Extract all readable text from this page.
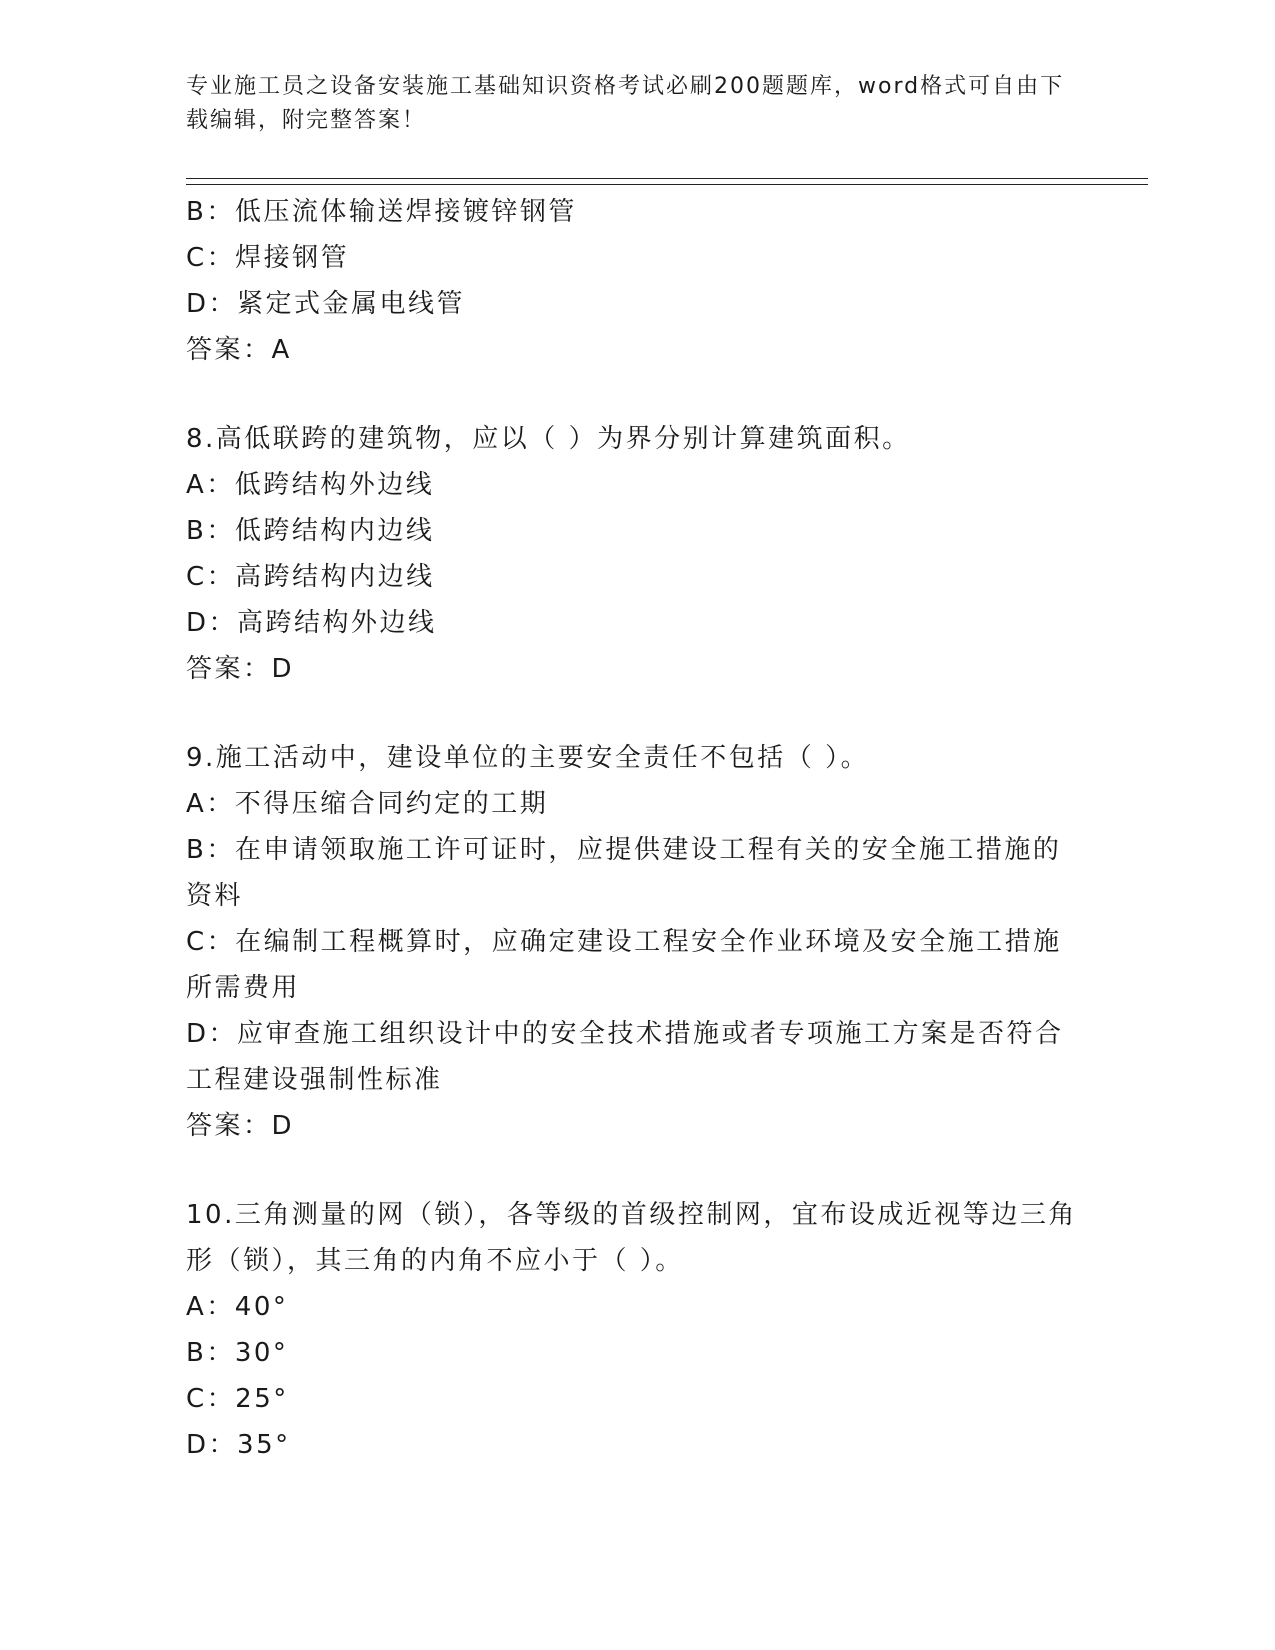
专业施工员之设备安装施工基础知识资格考试必刷200题题库，word格式可自由下载编辑，附完整答案！
B：低压流体输送焊接镀锌钢管
C：焊接钢管
D：紧定式金属电线管
答案：A
8.高低联跨的建筑物，应以（ ）为界分别计算建筑面积。
A：低跨结构外边线
B：低跨结构内边线
C：高跨结构内边线
D：高跨结构外边线
答案：D
9.施工活动中，建设单位的主要安全责任不包括（ ）。
A：不得压缩合同约定的工期
B：在申请领取施工许可证时，应提供建设工程有关的安全施工措施的资料
C：在编制工程概算时，应确定建设工程安全作业环境及安全施工措施所需费用
D：应审查施工组织设计中的安全技术措施或者专项施工方案是否符合工程建设强制性标准
答案：D
10.三角测量的网（锁），各等级的首级控制网，宜布设成近视等边三角形（锁），其三角的内角不应小于（ ）。
A：40°
B：30°
C：25°
D：35°
